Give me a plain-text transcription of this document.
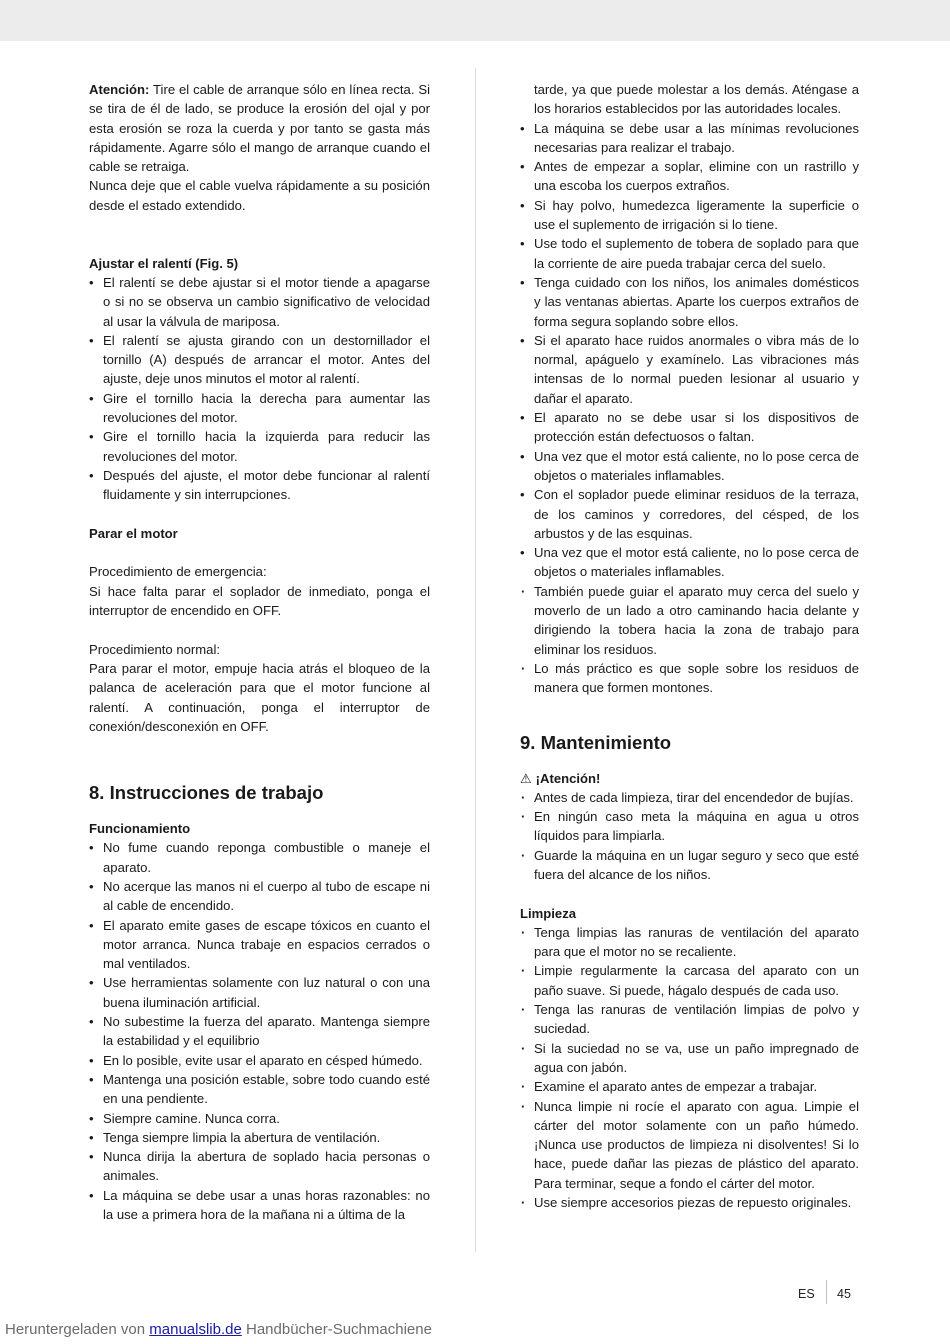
Atención: Tire el cable de arranque sólo en línea recta. Si se tira de él de lado, se produce la erosión del ojal y por esta erosión se roza la cuerda y por tanto se gasta más rápidamente. Agarre sólo el mango de arranque cuando el cable se retraiga.

Nunca deje que el cable vuelva rápidamente a su posición desde el estado extendido.

Ajustar el ralentí (Fig. 5)

• El ralentí se debe ajustar si el motor tiende a apagarse o si no se observa un cambio significativo de velocidad al usar la válvula de mariposa.
• El ralentí se ajusta girando con un destornillador el tornillo (A) después de arrancar el motor. Antes del ajuste, deje unos minutos el motor al ralentí.
• Gire el tornillo hacia la derecha para aumentar las revoluciones del motor.
• Gire el tornillo hacia la izquierda para reducir las revoluciones del motor.
• Después del ajuste, el motor debe funcionar al ralentí fluidamente y sin interrupciones.

Parar el motor

Procedimiento de emergencia:

Si hace falta parar el soplador de inmediato, ponga el interruptor de encendido en OFF.

Procedimiento normal:

Para parar el motor, empuje hacia atrás el bloqueo de la palanca de aceleración para que el motor funcione al ralentí. A continuación, ponga el interruptor de conexión/desconexión en OFF.

8. Instrucciones de trabajo

Funcionamiento

• No fume cuando reponga combustible o maneje el aparato.
• No acerque las manos ni el cuerpo al tubo de escape ni al cable de encendido.
• El aparato emite gases de escape tóxicos en cuanto el motor arranca. Nunca trabaje en espacios cerrados o mal ventilados.
• Use herramientas solamente con luz natural o con una buena iluminación artificial.
• No subestime la fuerza del aparato. Mantenga siempre la estabilidad y el equilibrio
• En lo posible, evite usar el aparato en césped húmedo.
• Mantenga una posición estable, sobre todo cuando esté en una pendiente.
• Siempre camine. Nunca corra.
• Tenga siempre limpia la abertura de ventilación.
• Nunca dirija la abertura de soplado hacia personas o animales.
• La máquina se debe usar a unas horas razonables: no la use a primera hora de la mañana ni a última de la

tarde, ya que puede molestar a los demás. Aténgase a los horarios establecidos por las autoridades locales.

• La máquina se debe usar a las mínimas revoluciones necesarias para realizar el trabajo.
• Antes de empezar a soplar, elimine con un rastrillo y una escoba los cuerpos extraños.
• Si hay polvo, humedezca ligeramente la superficie o use el suplemento de irrigación si lo tiene.
• Use todo el suplemento de tobera de soplado para que la corriente de aire pueda trabajar cerca del suelo.
• Tenga cuidado con los niños, los animales domésticos y las ventanas abiertas. Aparte los cuerpos extraños de forma segura soplando sobre ellos.
• Si el aparato hace ruidos anormales o vibra más de lo normal, apáguelo y examínelo. Las vibraciones más intensas de lo normal pueden lesionar al usuario y dañar el aparato.
• El aparato no se debe usar si los dispositivos de protección están defectuosos o faltan.
• Una vez que el motor está caliente, no lo pose cerca de objetos o materiales inflamables.
• Con el soplador puede eliminar residuos de la terraza, de los caminos y corredores, del césped, de los arbustos y de las esquinas.
• Una vez que el motor está caliente, no lo pose cerca de objetos o materiales inflamables.
· También puede guiar el aparato muy cerca del suelo y moverlo de un lado a otro caminando hacia delante y dirigiendo la tobera hacia la zona de trabajo para eliminar los residuos.
· Lo más práctico es que sople sobre los residuos de manera que formen montones.
9. Mantenimiento
⚠ ¡Atención!
· Antes de cada limpieza, tirar del encendedor de bujías.
· En ningún caso meta la máquina en agua u otros líquidos para limpiarla.
· Guarde la máquina en un lugar seguro y seco que esté fuera del alcance de los niños.

Limpieza

· Tenga limpias las ranuras de ventilación del aparato para que el motor no se recaliente.
· Limpie regularmente la carcasa del aparato con un paño suave. Si puede, hágalo después de cada uso.
· Tenga las ranuras de ventilación limpias de polvo y suciedad.
· Si la suciedad no se va, use un paño impregnado de agua con jabón.
· Examine el aparato antes de empezar a trabajar.
· Nunca limpie ni rocíe el aparato con agua. Limpie el cárter del motor solamente con un paño húmedo. ¡Nunca use productos de limpieza ni disolventes! Si lo hace, puede dañar las piezas de plástico del aparato. Para terminar, seque a fondo el cárter del motor.
· Use siempre accesorios piezas de repuesto originales.
ES 45
Heruntergeladen von manualslib.de Handbücher-Suchmachiene
